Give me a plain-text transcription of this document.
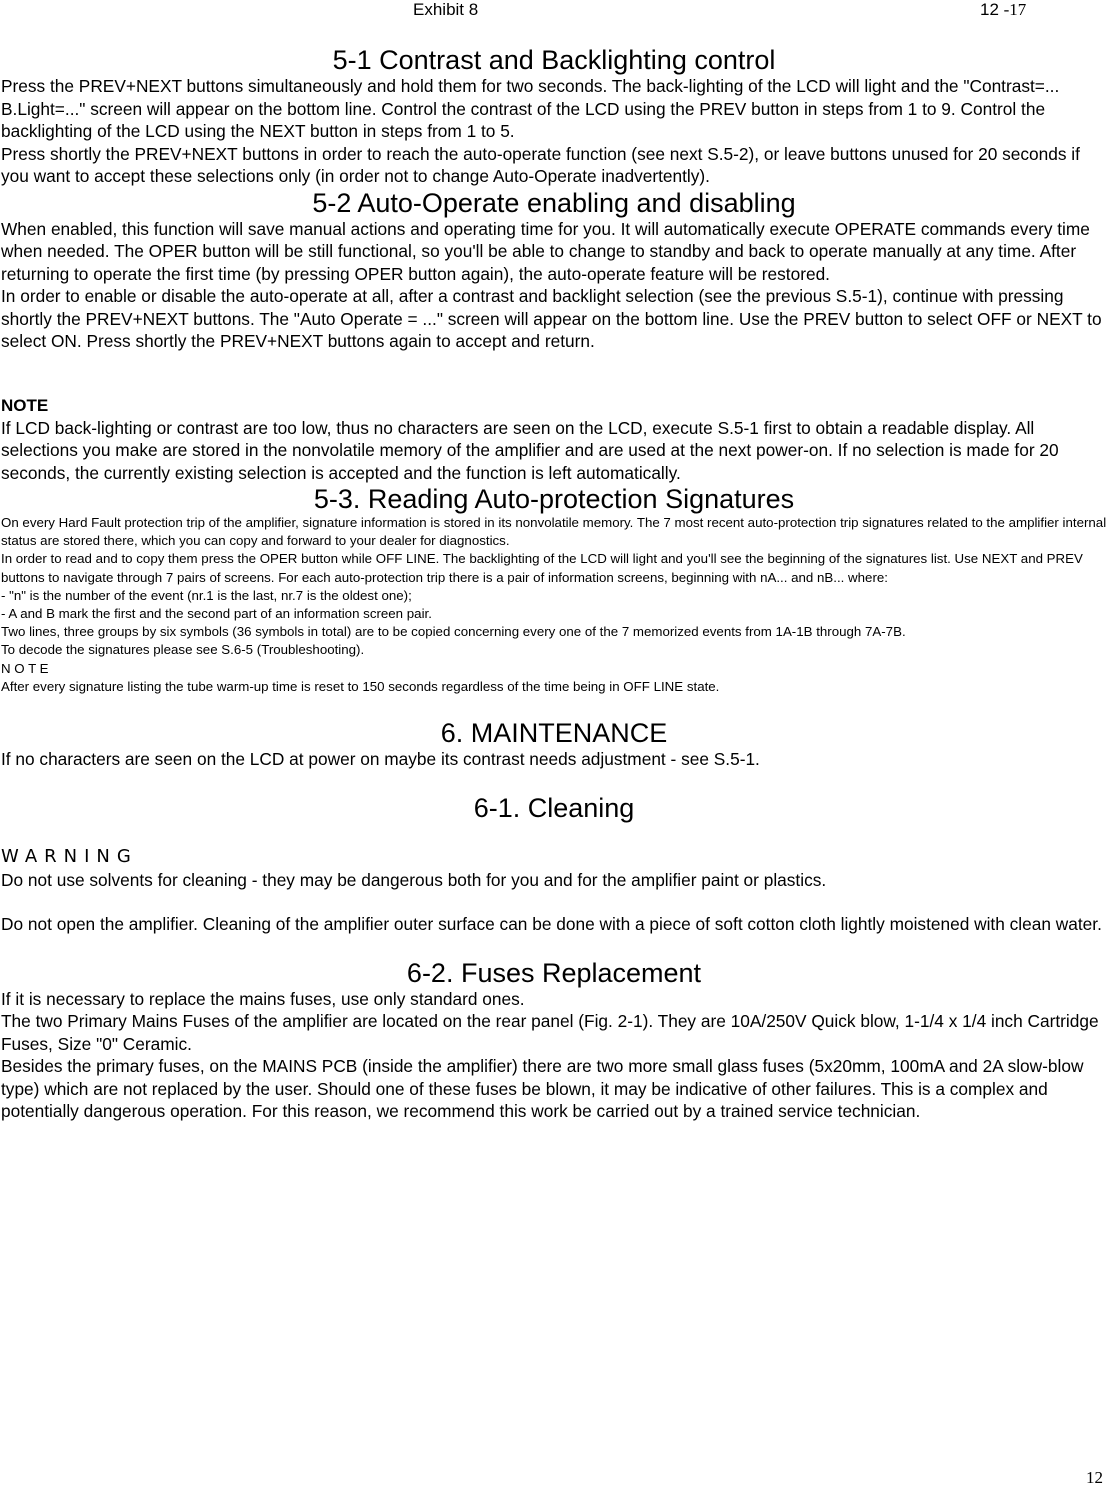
Exhibit 8	12 -17
5-1 Contrast and Backlighting control

Press the PREV+NEXT buttons simultaneously and hold them for two seconds. The back-lighting of the LCD will light and the "Contrast=... B.Light=..." screen will appear on the bottom line. Control the contrast of the LCD using the PREV button in steps from 1 to 9. Control the backlighting of the LCD using the NEXT button in steps from 1 to 5.

Press shortly the PREV+NEXT buttons in order to reach the auto-operate function (see next S.5-2), or leave buttons unused for 20 seconds if you want to accept these selections only (in order not to change Auto-Operate inadvertently).

5-2 Auto-Operate enabling and disabling

When enabled, this function will save manual actions and operating time for you. It will automatically execute OPERATE commands every time when needed. The OPER button will be still functional, so you'll be able to change to standby and back to operate manually at any time. After returning to operate the first time (by pressing OPER button again), the auto-operate feature will be restored.

In order to enable or disable the auto-operate at all, after a contrast and backlight selection (see the previous S.5-1), continue with pressing shortly the PREV+NEXT buttons. The "Auto Operate = ..." screen will appear on the bottom line. Use the PREV button to select OFF or NEXT to select ON. Press shortly the PREV+NEXT buttons again to accept and return.

NOTE

If LCD back-lighting or contrast are too low, thus no characters are seen on the LCD, execute S.5-1 first to obtain a readable display. All selections you make are stored in the nonvolatile memory of the amplifier and are used at the next power-on. If no selection is made for 20 seconds, the currently existing selection is accepted and the function is left automatically.

5-3. Reading Auto-protection Signatures

On every Hard Fault protection trip of the amplifier, signature information is stored in its nonvolatile memory. The 7 most recent auto-protection trip signatures related to the amplifier internal status are stored there, which you can copy and forward to your dealer for diagnostics.

In order to read and to copy them press the OPER button while OFF LINE. The backlighting of the LCD will light and you'll see the beginning of the signatures list. Use NEXT and PREV buttons to navigate through 7 pairs of screens. For each auto-protection trip there is a pair of information screens, beginning with nA... and nB... where:

- "n" is the number of the event (nr.1 is the last, nr.7 is the oldest one);

- A and B mark the first and the second part of an information screen pair.

Two lines, three groups by six symbols (36 symbols in total) are to be copied concerning every one of the 7 memorized events from 1A-1B through 7A-7B.

To decode the signatures please see S.6-5 (Troubleshooting).

N O T E

After every signature listing the tube warm-up time is reset to 150 seconds regardless of the time being in OFF LINE state.

6. MAINTENANCE

If no characters are seen on the LCD at power on maybe its contrast needs adjustment - see S.5-1.

6-1. Cleaning

WARNING

Do not use solvents for cleaning - they may be dangerous both for you and for the amplifier paint or plastics.

Do not open the amplifier. Cleaning of the amplifier outer surface can be done with a piece of soft cotton cloth lightly moistened with clean water.

6-2. Fuses Replacement

If it is necessary to replace the mains fuses, use only standard ones.

The two Primary Mains Fuses of the amplifier are located on the rear panel (Fig. 2-1). They are 10A/250V Quick blow, 1-1/4 x 1/4 inch Cartridge Fuses, Size "0" Ceramic.

Besides the primary fuses, on the MAINS PCB (inside the amplifier) there are two more small glass fuses (5x20mm, 100mA and 2A slow-blow type) which are not replaced by the user. Should one of these fuses be blown, it may be indicative of other failures. This is a complex and potentially dangerous operation. For this reason, we recommend this work be carried out by a trained service technician.

12
